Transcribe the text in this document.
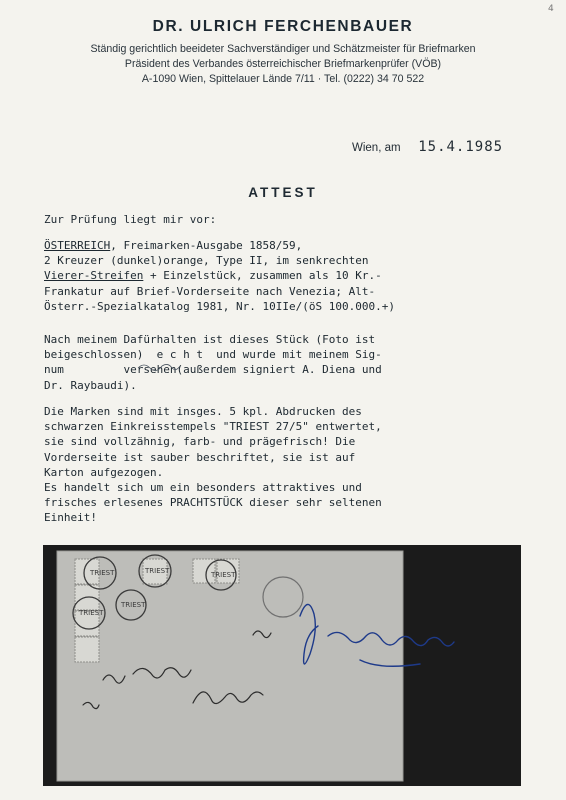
4

DR. ULRICH FERCHENBAUER

Ständig gerichtlich beeideter Sachverständiger und Schätzmeister für Briefmarken

Präsident des Verbandes österreichischer Briefmarkenprüfer (VÖB)

A-1090 Wien, Spittelauer Lände 7/11 · Tel. (0222) 34 70 522

Wien, am 15.4.1985
ATTEST
Zur Prüfung liegt mir vor:
ÖSTERREICH, Freimarken-Ausgabe 1858/59,
2 Kreuzer (dunkel)orange, Type II, im senkrechten
Vierer-Streifen + Einzelstück, zusammen als 10 Kr.-
Frankatur auf Brief-Vorderseite nach Venezia; Alt-
Österr.-Spezialkatalog 1981, Nr. 10IIe/(öS 100.000.+)
Nach meinem Dafürhalten ist dieses Stück (Foto ist
beigeschlossen)  e c h t  und wurde mit meinem Sig-
num         versehen(außerdem signiert A. Diena und
Dr. Raybaudi).
Die Marken sind mit insges. 5 kpl. Abdrucken des
schwarzen Einkreisstempels "TRIEST 27/5" entwertet,
sie sind vollzähnig, farb- und prägefrisch! Die
Vorderseite ist sauber beschriftet, sie ist auf
Karton aufgezogen.
Es handelt sich um ein besonders attraktives und
frisches erlesenes PRACHTSTÜCK dieser sehr seltenen
Einheit!
TRIEST
TRIEST
TRIEST
TRIEST	TRIEST
